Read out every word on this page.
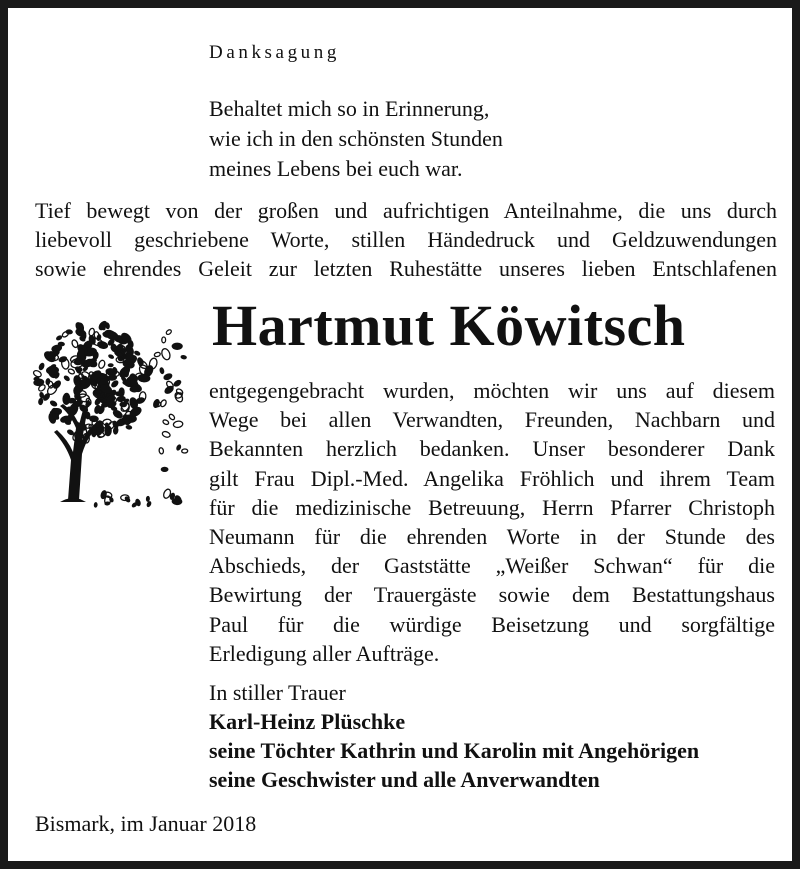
Danksagung
Behaltet mich so in Erinnerung,
wie ich in den schönsten Stunden
meines Lebens bei euch war.
Tief bewegt von der großen und aufrichtigen Anteilnahme, die uns durch
liebevoll geschriebene Worte, stillen Händedruck und Geldzuwendungen
sowie ehrendes Geleit zur letzten Ruhestätte unseres lieben Entschlafenen
Hartmut Köwitsch
entgegengebracht wurden, möchten wir uns auf diesem
Wege bei allen Verwandten, Freunden, Nachbarn und
Bekannten herzlich bedanken. Unser besonderer Dank
gilt Frau Dipl.-Med. Angelika Fröhlich und ihrem Team
für die medizinische Betreuung, Herrn Pfarrer Christoph
Neumann für die ehrenden Worte in der Stunde des
Abschieds, der Gaststätte „Weißer Schwan“ für die
Bewirtung der Trauergäste sowie dem Bestattungshaus
Paul für die würdige Beisetzung und sorgfältige
Erledigung aller Aufträge.
In stiller Trauer
Karl-Heinz Plüschke
seine Töchter Kathrin und Karolin mit Angehörigen
seine Geschwister und alle Anverwandten
Bismark, im Januar 2018
